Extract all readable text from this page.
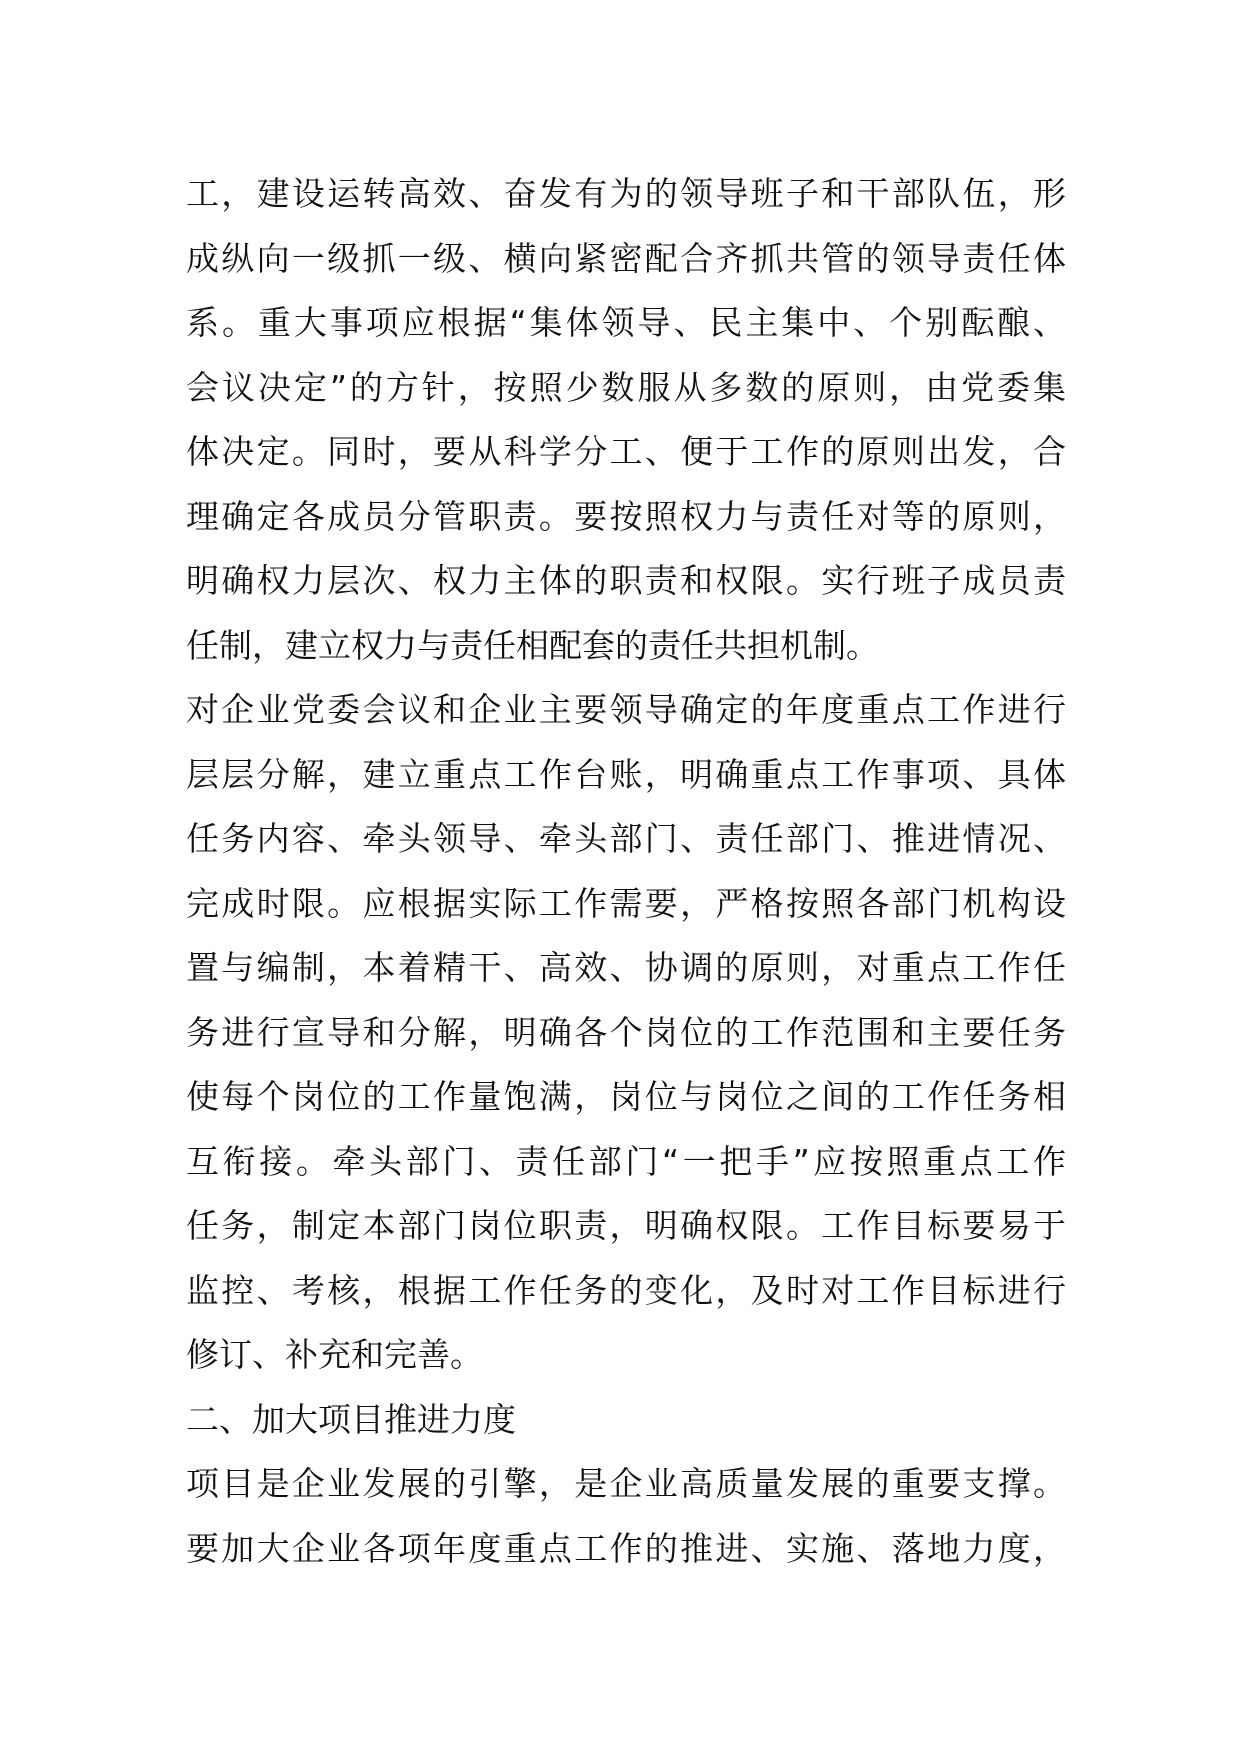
工，建设运转高效、奋发有为的领导班子和干部队伍，形
成纵向一级抓一级、横向紧密配合齐抓共管的领导责任体
系。重大事项应根据“集体领导、民主集中、个别酝酿、
会议决定”的方针，按照少数服从多数的原则，由党委集
体决定。同时，要从科学分工、便于工作的原则出发，合
理确定各成员分管职责。要按照权力与责任对等的原则，
明确权力层次、权力主体的职责和权限。实行班子成员责
任制，建立权力与责任相配套的责任共担机制。
对企业党委会议和企业主要领导确定的年度重点工作进行
层层分解，建立重点工作台账，明确重点工作事项、具体
任务内容、牵头领导、牵头部门、责任部门、推进情况、
完成时限。应根据实际工作需要，严格按照各部门机构设
置与编制，本着精干、高效、协调的原则，对重点工作任
务进行宣导和分解，明确各个岗位的工作范围和主要任务
使每个岗位的工作量饱满，岗位与岗位之间的工作任务相
互衔接。牵头部门、责任部门“一把手”应按照重点工作
任务，制定本部门岗位职责，明确权限。工作目标要易于
监控、考核，根据工作任务的变化，及时对工作目标进行
修订、补充和完善。
二、加大项目推进力度
项目是企业发展的引擎，是企业高质量发展的重要支撑。
要加大企业各项年度重点工作的推进、实施、落地力度，
